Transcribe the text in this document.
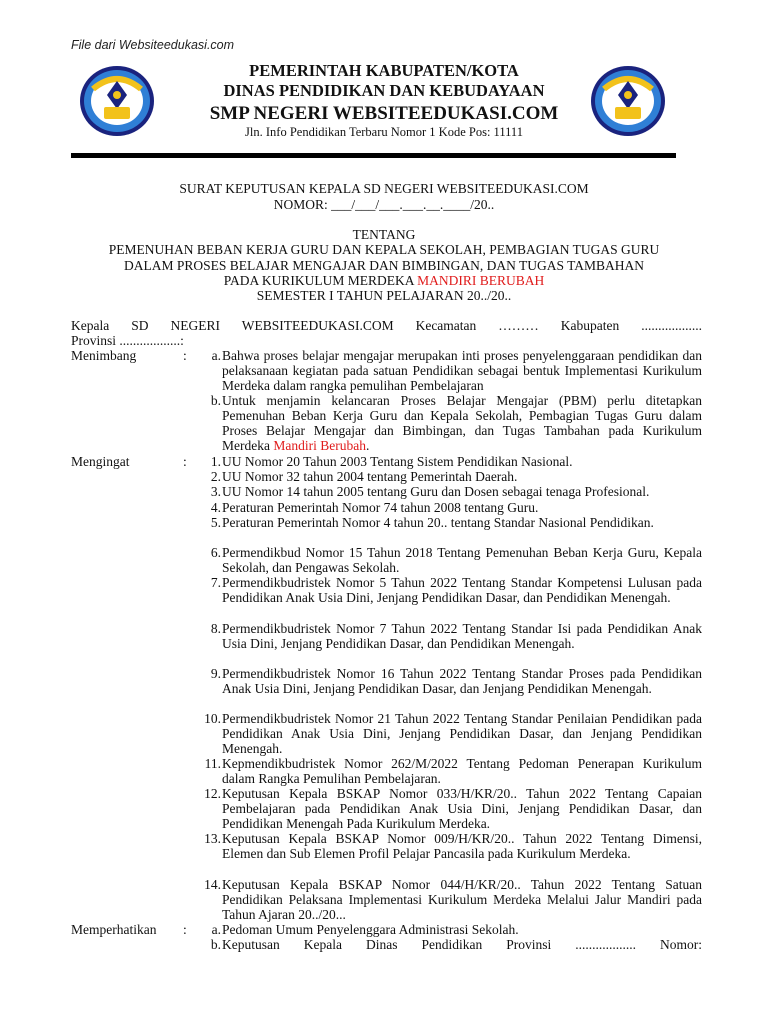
File dari Websiteedukasi.com
PEMERINTAH KABUPATEN/KOTA
DINAS PENDIDIKAN DAN KEBUDAYAAN
SMP NEGERI WEBSITEEDUKASI.COM
Jln. Info Pendidikan Terbaru Nomor 1 Kode Pos: 11111
SURAT KEPUTUSAN KEPALA SD NEGERI WEBSITEEDUKASI.COM
NOMOR: ___/___/___.___.__.____/20..
TENTANG
PEMENUHAN BEBAN KERJA GURU DAN KEPALA SEKOLAH, PEMBAGIAN TUGAS GURU
DALAM PROSES BELAJAR MENGAJAR DAN BIMBINGAN, DAN TUGAS TAMBAHAN
PADA KURIKULUM MERDEKA MANDIRI BERUBAH
SEMESTER I TAHUN PELAJARAN 20../20..
Kepala SD NEGERI WEBSITEEDUKASI.COM Kecamatan ……… Kabupaten ..................
Provinsi ..................:
Menimbang	:	a. Bahwa proses belajar mengajar merupakan inti proses penyelenggaraan pendidikan dan pelaksanaan kegiatan pada satuan Pendidikan sebagai bentuk Implementasi Kurikulum Merdeka dalam rangka pemulihan Pembelajaran
b. Untuk menjamin kelancaran Proses Belajar Mengajar (PBM) perlu ditetapkan Pemenuhan Beban Kerja Guru dan Kepala Sekolah, Pembagian Tugas Guru dalam Proses Belajar Mengajar dan Bimbingan, dan Tugas Tambahan pada Kurikulum Merdeka Mandiri Berubah.
Mengingat	:	1. UU Nomor 20 Tahun 2003 Tentang Sistem Pendidikan Nasional.
2. UU Nomor 32 tahun 2004 tentang Pemerintah Daerah.
3. UU Nomor 14 tahun 2005 tentang Guru dan Dosen sebagai tenaga Profesional.
4. Peraturan Pemerintah Nomor 74 tahun 2008 tentang Guru.
5. Peraturan Pemerintah Nomor 4 tahun 20.. tentang Standar Nasional Pendidikan.
6. Permendikbud Nomor 15 Tahun 2018 Tentang Pemenuhan Beban Kerja Guru, Kepala Sekolah, dan Pengawas Sekolah.
7. Permendikbudristek Nomor 5 Tahun 2022 Tentang Standar Kompetensi Lulusan pada Pendidikan Anak Usia Dini, Jenjang Pendidikan Dasar, dan Pendidikan Menengah.
8. Permendikbudristek Nomor 7 Tahun 2022 Tentang Standar Isi pada Pendidikan Anak Usia Dini, Jenjang Pendidikan Dasar, dan Pendidikan Menengah.
9. Permendikbudristek Nomor 16 Tahun 2022 Tentang Standar Proses pada Pendidikan Anak Usia Dini, Jenjang Pendidikan Dasar, dan Jenjang Pendidikan Menengah.
10. Permendikbudristek Nomor 21 Tahun 2022 Tentang Standar Penilaian Pendidikan pada Pendidikan Anak Usia Dini, Jenjang Pendidikan Dasar, dan Jenjang Pendidikan Menengah.
11. Kepmendikbudristek Nomor 262/M/2022 Tentang Pedoman Penerapan Kurikulum dalam Rangka Pemulihan Pembelajaran.
12. Keputusan Kepala BSKAP Nomor 033/H/KR/20.. Tahun 2022 Tentang Capaian Pembelajaran pada Pendidikan Anak Usia Dini, Jenjang Pendidikan Dasar, dan Pendidikan Menengah Pada Kurikulum Merdeka.
13. Keputusan Kepala BSKAP Nomor 009/H/KR/20.. Tahun 2022 Tentang Dimensi, Elemen dan Sub Elemen Profil Pelajar Pancasila pada Kurikulum Merdeka.
14. Keputusan Kepala BSKAP Nomor 044/H/KR/20.. Tahun 2022 Tentang Satuan Pendidikan Pelaksana Implementasi Kurikulum Merdeka Melalui Jalur Mandiri pada Tahun Ajaran 20../20...
Memperhatikan :	a. Pedoman Umum Penyelenggara Administrasi Sekolah.
b. Keputusan Kepala Dinas Pendidikan Provinsi .................. Nomor:
